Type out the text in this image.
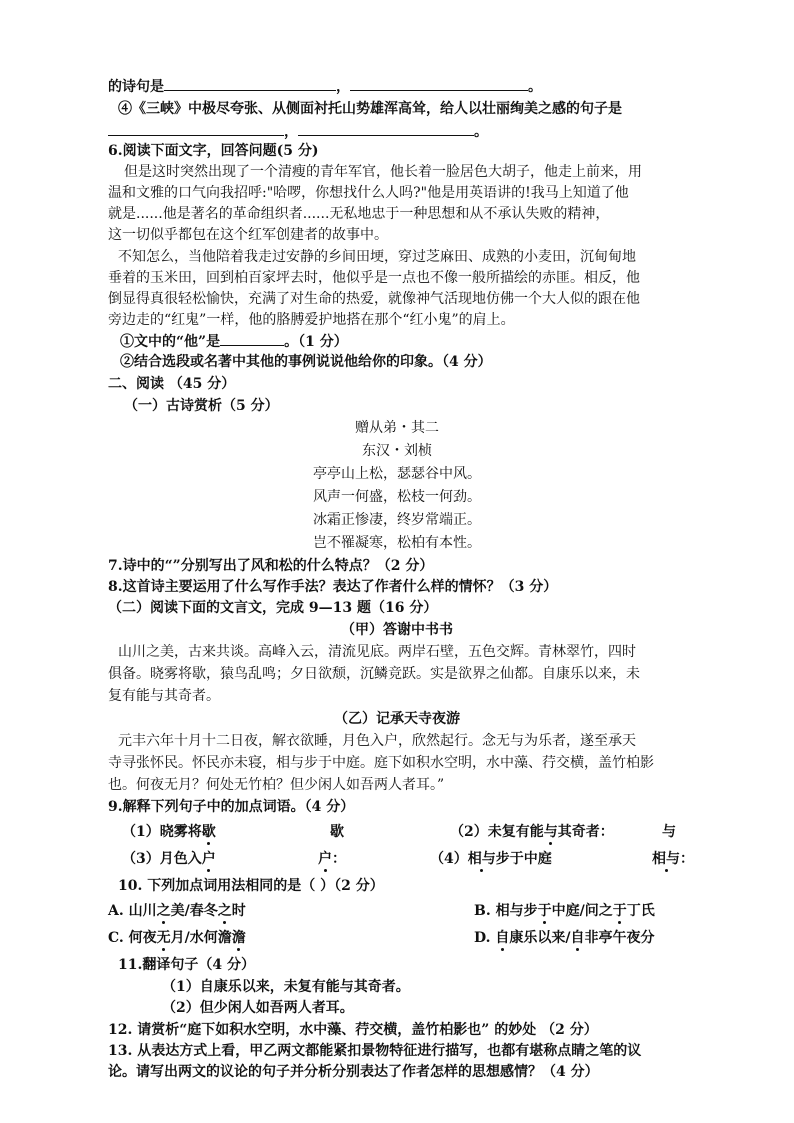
的诗句是	，	。
④《三峡》中极尽夸张、从侧面衬托山势雄浑高耸，给人以壮丽绚美之感的句子是
，	。
6.阅读下面文字，回答问题(5 分)
但是这时突然出现了一个清瘦的青年军官，他长着一脸居色大胡子，他走上前来，用
温和文雅的口气向我招呼:"哈啰，你想找什么人吗?"他是用英语讲的!我马上知道了他
就是......他是著名的革命组织者......无私地忠于一种思想和从不承认失败的精神，
这一切似乎都包在这个红军创建者的故事中。
不知怎么，当他陪着我走过安静的乡间田埂，穿过芝麻田、成熟的小麦田，沉甸甸地
垂着的玉米田，回到柏百家坪去时，他似乎是一点也不像一般所描绘的赤匪。相反，他
倒显得真很轻松愉快，充满了对生命的热爱，就像神气活现地仿佛一个大人似的跟在他
旁边走的“红鬼”一样，他的胳膊爱护地搭在那个“红小鬼”的肩上。
①文中的“他”是	。（1 分）
②结合选段或名著中其他的事例说说他给你的印象。（4 分）
二、阅读 （45 分）
（一）古诗赏析（5 分）
赠从弟・其二
东汉・刘桢
亭亭山上松，瑟瑟谷中风。
风声一何盛，松枝一何劲。
冰霜正惨凄，终岁常端正。
岂不罹凝寒，松柏有本性。
7.诗中的“”分别写出了风和松的什么特点？（2 分）
8.这首诗主要运用了什么写作手法？表达了作者什么样的情怀？（3 分）
（二）阅读下面的文言文，完成 9—13 题（16 分）
（甲）答谢中书书
山川之美，古来共谈。高峰入云，清流见底。两岸石壁，五色交辉。青林翠竹，四时
俱备。晓雾将歇，猿鸟乱鸣；夕日欲颓，沉鳞竞跃。实是欲界之仙都。自康乐以来，未
复有能与其奇者。
（乙）记承天寺夜游
元丰六年十月十二日夜，解衣欲睡，月色入户，欣然起行。念无与为乐者，遂至承天
寺寻张怀民。怀民亦未寝，相与步于中庭。庭下如积水空明，水中藻、荇交横，盖竹柏影
也。何夜无月？何处无竹柏？但少闲人如吾两人者耳。”
9.解释下列句子中的加点词语。（4 分）
（1）晓雾将歇	歇	（2）未复有能与其奇者：	与
（3）月色入户	户：	（4）相与步于中庭	相与：
10. 下列加点词用法相同的是（ ）（2 分）
A. 山川之美/春冬之时	B. 相与步于中庭/问之于丁氏
C. 何夜无月/水何澹澹	D. 自康乐以来/自非亭午夜分
11.翻译句子（4 分）
（1）自康乐以来，未复有能与其奇者。
（2）但少闲人如吾两人者耳。
12. 请赏析“庭下如积水空明，水中藻、荇交横，盖竹柏影也” 的妙处 （2 分）
13. 从表达方式上看，甲乙两文都能紧扣景物特征进行描写，也都有堪称点睛之笔的议
论。请写出两文的议论的句子并分析分别表达了作者怎样的思想感情？（4 分）
